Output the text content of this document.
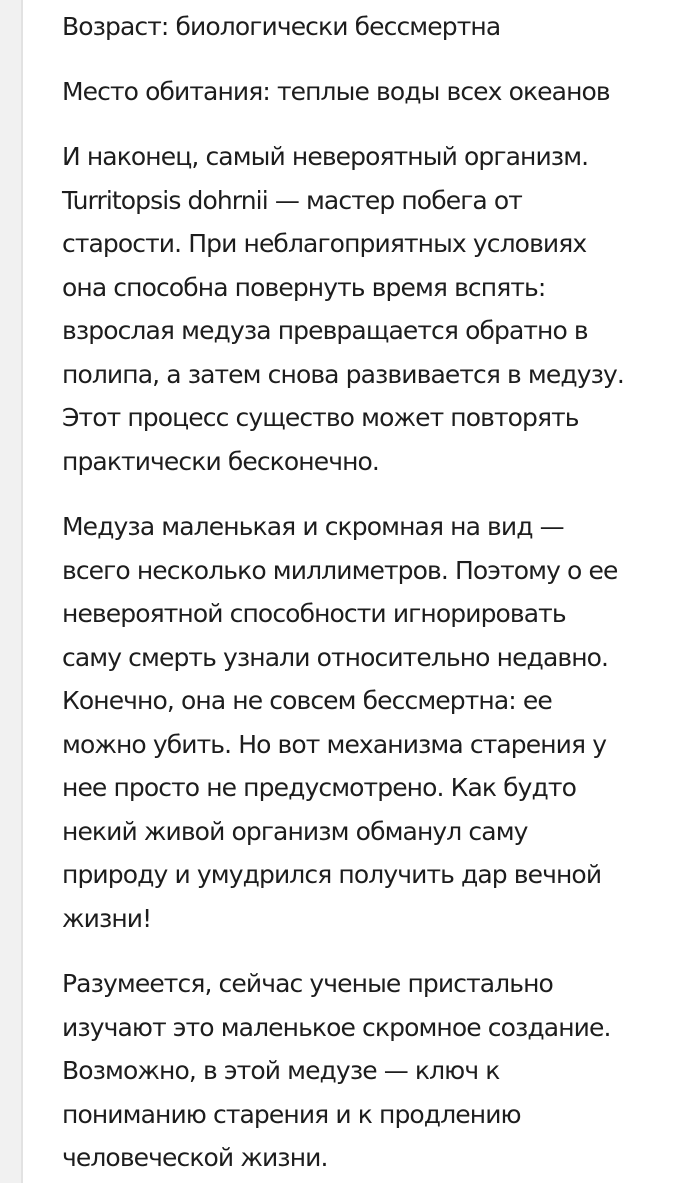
Возраст: биологически бессмертна

Место обитания: теплые воды всех океанов

И наконец, самый невероятный организм.
Turritopsis dohrnii — мастер побега от
старости. При неблагоприятных условиях
она способна повернуть время вспять:
взрослая медуза превращается обратно в
полипа, а затем снова развивается в медузу.
Этот процесс существо может повторять
практически бесконечно.

Медуза маленькая и скромная на вид —
всего несколько миллиметров. Поэтому о ее
невероятной способности игнорировать
саму смерть узнали относительно недавно.
Конечно, она не совсем бессмертна: ее
можно убить. Но вот механизма старения у
нее просто не предусмотрено. Как будто
некий живой организм обманул саму
природу и умудрился получить дар вечной
жизни!

Разумеется, сейчас ученые пристально
изучают это маленькое скромное создание.
Возможно, в этой медузе — ключ к
пониманию старения и к продлению
человеческой жизни.
